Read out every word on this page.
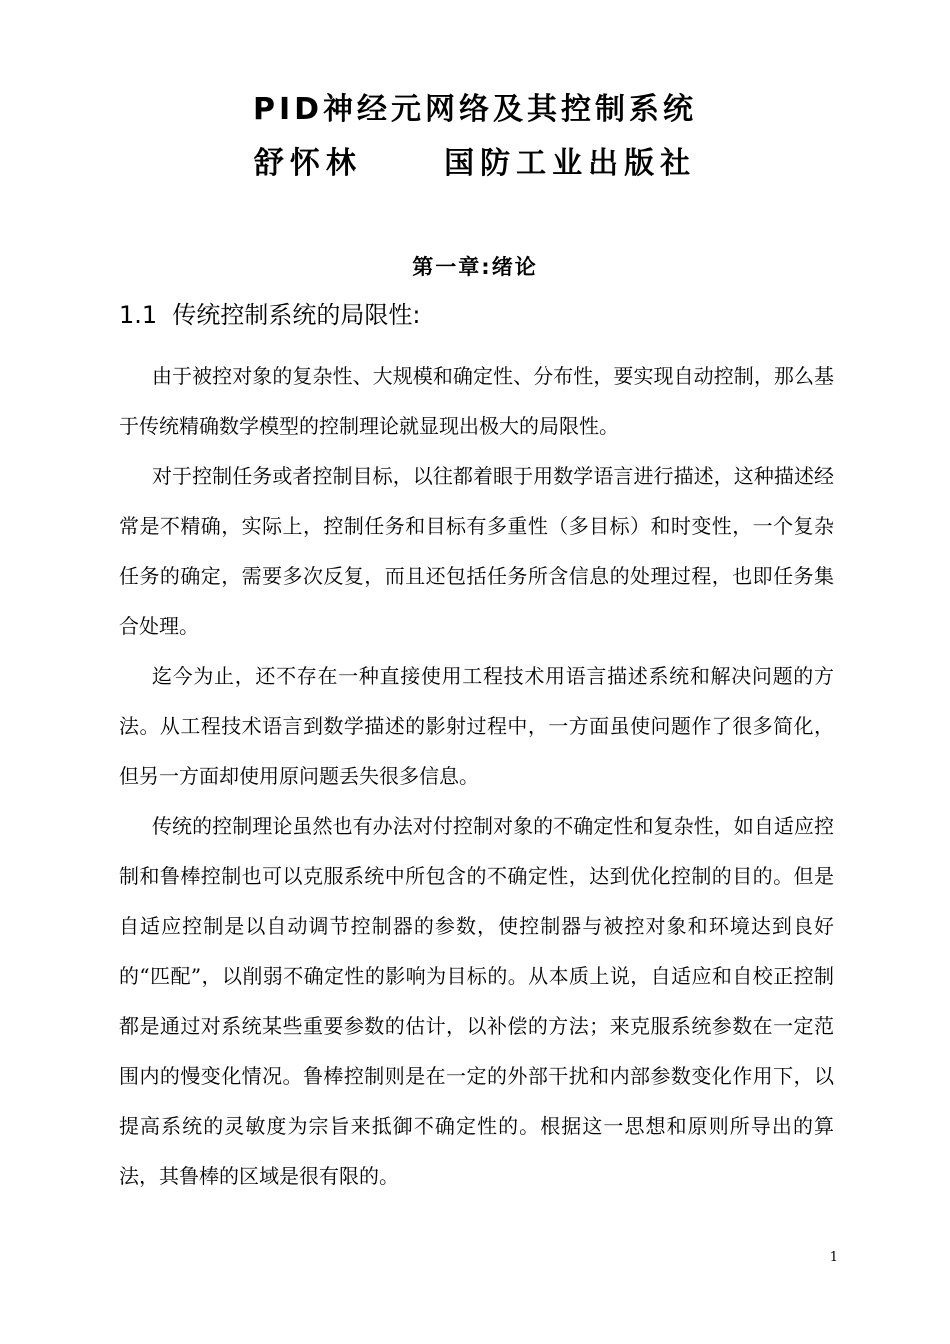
PID神经元网络及其控制系统
舒怀林     国防工业出版社
第一章:绪论
1.1  传统控制系统的局限性:

由于被控对象的复杂性、大规模和确定性、分布性，要实现自动控制，那么基于传统精确数学模型的控制理论就显现出极大的局限性。

对于控制任务或者控制目标，以往都着眼于用数学语言进行描述，这种描述经常是不精确，实际上，控制任务和目标有多重性（多目标）和时变性，一个复杂任务的确定，需要多次反复，而且还包括任务所含信息的处理过程，也即任务集合处理。

迄今为止，还不存在一种直接使用工程技术用语言描述系统和解决问题的方法。从工程技术语言到数学描述的影射过程中，一方面虽使问题作了很多简化，但另一方面却使用原问题丢失很多信息。

传统的控制理论虽然也有办法对付控制对象的不确定性和复杂性，如自适应控制和鲁棒控制也可以克服系统中所包含的不确定性，达到优化控制的目的。但是自适应控制是以自动调节控制器的参数，使控制器与被控对象和环境达到良好的“匹配”，以削弱不确定性的影响为目标的。从本质上说，自适应和自校正控制都是通过对系统某些重要参数的估计，以补偿的方法；来克服系统参数在一定范围内的慢变化情况。鲁棒控制则是在一定的外部干扰和内部参数变化作用下，以提高系统的灵敏度为宗旨来抵御不确定性的。根据这一思想和原则所导出的算法，其鲁棒的区域是很有限的。

1
